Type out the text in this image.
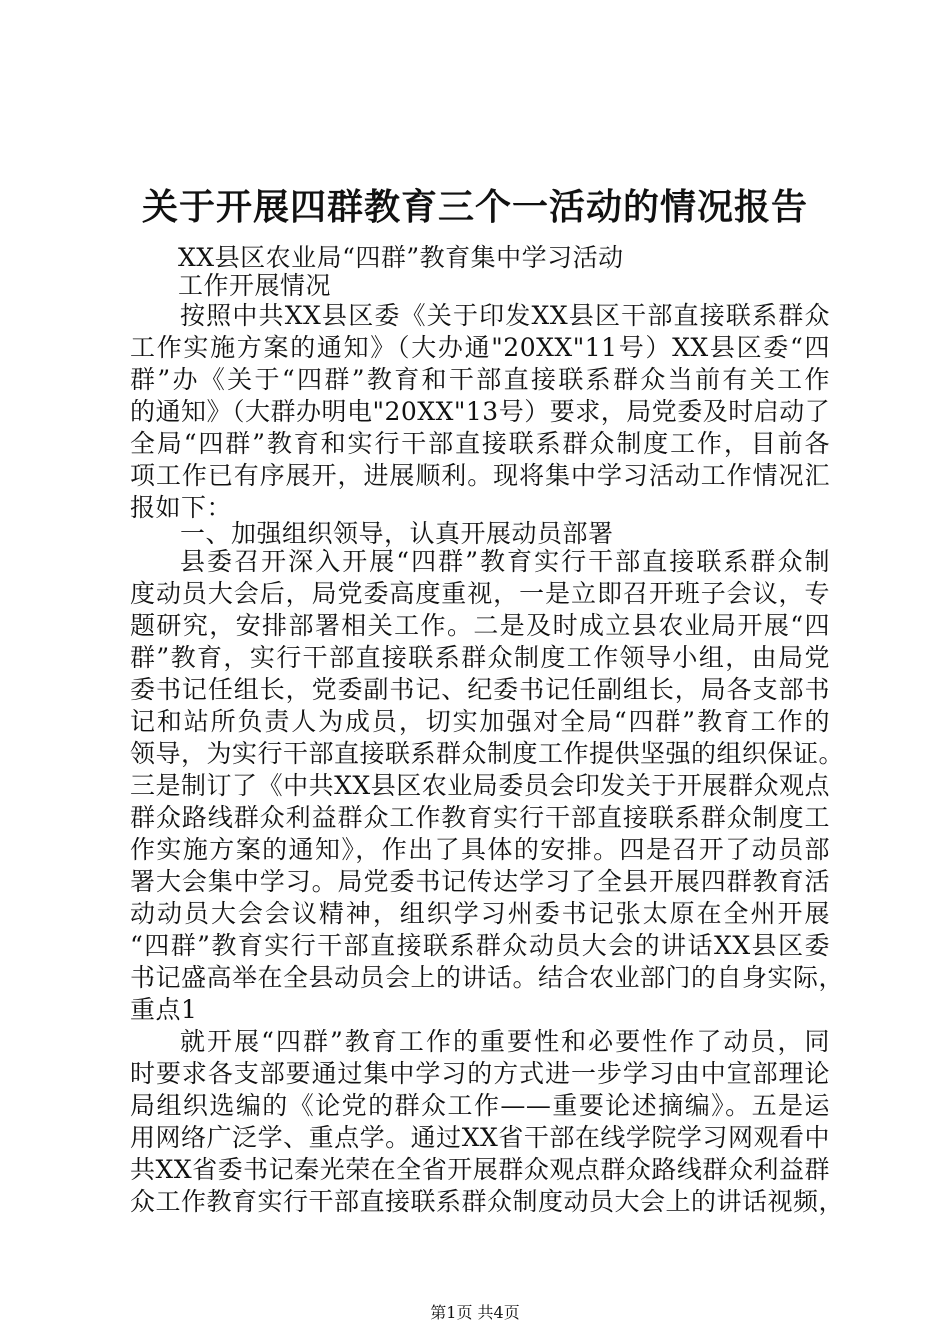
关于开展四群教育三个一活动的情况报告
XX县区农业局“四群”教育集中学习活动
工作开展情况
按照中共XX县区委《关于印发XX县区干部直接联系群众
工作实施方案的通知》（大办通"20XX"11号）XX县区委“四
群”办《关于“四群”教育和干部直接联系群众当前有关工作
的通知》（大群办明电"20XX"13号）要求，局党委及时启动了
全局“四群”教育和实行干部直接联系群众制度工作，目前各
项工作已有序展开，进展顺利。现将集中学习活动工作情况汇
报如下：
一、加强组织领导，认真开展动员部署
县委召开深入开展“四群”教育实行干部直接联系群众制
度动员大会后，局党委高度重视，一是立即召开班子会议，专
题研究，安排部署相关工作。二是及时成立县农业局开展“四
群”教育，实行干部直接联系群众制度工作领导小组，由局党
委书记任组长，党委副书记、纪委书记任副组长，局各支部书
记和站所负责人为成员，切实加强对全局“四群”教育工作的
领导，为实行干部直接联系群众制度工作提供坚强的组织保证。
三是制订了《中共XX县区农业局委员会印发关于开展群众观点
群众路线群众利益群众工作教育实行干部直接联系群众制度工
作实施方案的通知》，作出了具体的安排。四是召开了动员部
署大会集中学习。局党委书记传达学习了全县开展四群教育活
动动员大会会议精神，组织学习州委书记张太原在全州开展
“四群”教育实行干部直接联系群众动员大会的讲话XX县区委
书记盛高举在全县动员会上的讲话。结合农业部门的自身实际，
重点1
就开展“四群”教育工作的重要性和必要性作了动员，同
时要求各支部要通过集中学习的方式进一步学习由中宣部理论
局组织选编的《论党的群众工作——重要论述摘编》。五是运
用网络广泛学、重点学。通过XX省干部在线学院学习网观看中
共XX省委书记秦光荣在全省开展群众观点群众路线群众利益群
众工作教育实行干部直接联系群众制度动员大会上的讲话视频，
第1页 共4页
